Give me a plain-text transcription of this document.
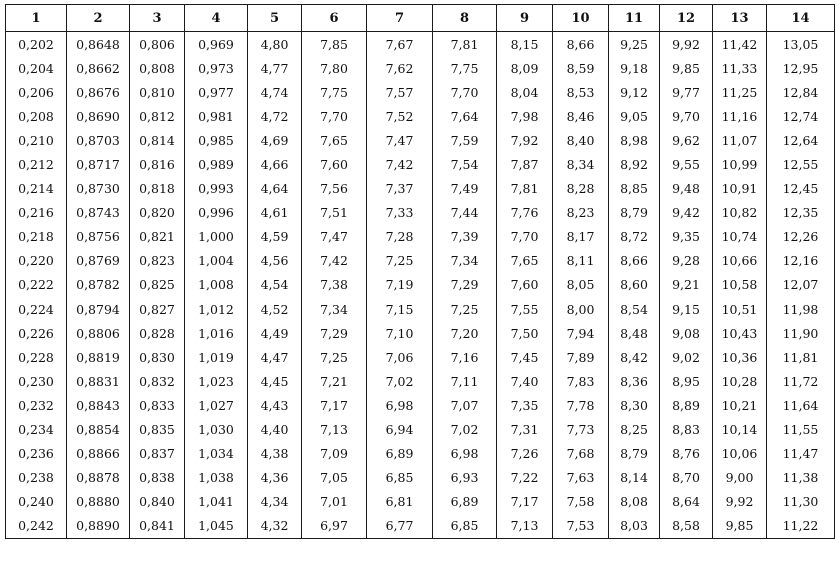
1	2	3	4	5	6	7	8	9	10	11	12	13	14
0,202	0,8648	0,806	0,969	4,80	7,85	7,67	7,81	8,15	8,66	9,25	9,92	11,42	13,05
0,204	0,8662	0,808	0,973	4,77	7,80	7,62	7,75	8,09	8,59	9,18	9,85	11,33	12,95
0,206	0,8676	0,810	0,977	4,74	7,75	7,57	7,70	8,04	8,53	9,12	9,77	11,25	12,84
0,208	0,8690	0,812	0,981	4,72	7,70	7,52	7,64	7,98	8,46	9,05	9,70	11,16	12,74
0,210	0,8703	0,814	0,985	4,69	7,65	7,47	7,59	7,92	8,40	8,98	9,62	11,07	12,64
0,212	0,8717	0,816	0,989	4,66	7,60	7,42	7,54	7,87	8,34	8,92	9,55	10,99	12,55
0,214	0,8730	0,818	0,993	4,64	7,56	7,37	7,49	7,81	8,28	8,85	9,48	10,91	12,45
0,216	0,8743	0,820	0,996	4,61	7,51	7,33	7,44	7,76	8,23	8,79	9,42	10,82	12,35
0,218	0,8756	0,821	1,000	4,59	7,47	7,28	7,39	7,70	8,17	8,72	9,35	10,74	12,26
0,220	0,8769	0,823	1,004	4,56	7,42	7,25	7,34	7,65	8,11	8,66	9,28	10,66	12,16
0,222	0,8782	0,825	1,008	4,54	7,38	7,19	7,29	7,60	8,05	8,60	9,21	10,58	12,07
0,224	0,8794	0,827	1,012	4,52	7,34	7,15	7,25	7,55	8,00	8,54	9,15	10,51	11,98
0,226	0,8806	0,828	1,016	4,49	7,29	7,10	7,20	7,50	7,94	8,48	9,08	10,43	11,90
0,228	0,8819	0,830	1,019	4,47	7,25	7,06	7,16	7,45	7,89	8,42	9,02	10,36	11,81
0,230	0,8831	0,832	1,023	4,45	7,21	7,02	7,11	7,40	7,83	8,36	8,95	10,28	11,72
0,232	0,8843	0,833	1,027	4,43	7,17	6,98	7,07	7,35	7,78	8,30	8,89	10,21	11,64
0,234	0,8854	0,835	1,030	4,40	7,13	6,94	7,02	7,31	7,73	8,25	8,83	10,14	11,55
0,236	0,8866	0,837	1,034	4,38	7,09	6,89	6,98	7,26	7,68	8,79	8,76	10,06	11,47
0,238	0,8878	0,838	1,038	4,36	7,05	6,85	6,93	7,22	7,63	8,14	8,70	9,00	11,38
0,240	0,8880	0,840	1,041	4,34	7,01	6,81	6,89	7,17	7,58	8,08	8,64	9,92	11,30
0,242	0,8890	0,841	1,045	4,32	6,97	6,77	6,85	7,13	7,53	8,03	8,58	9,85	11,22
